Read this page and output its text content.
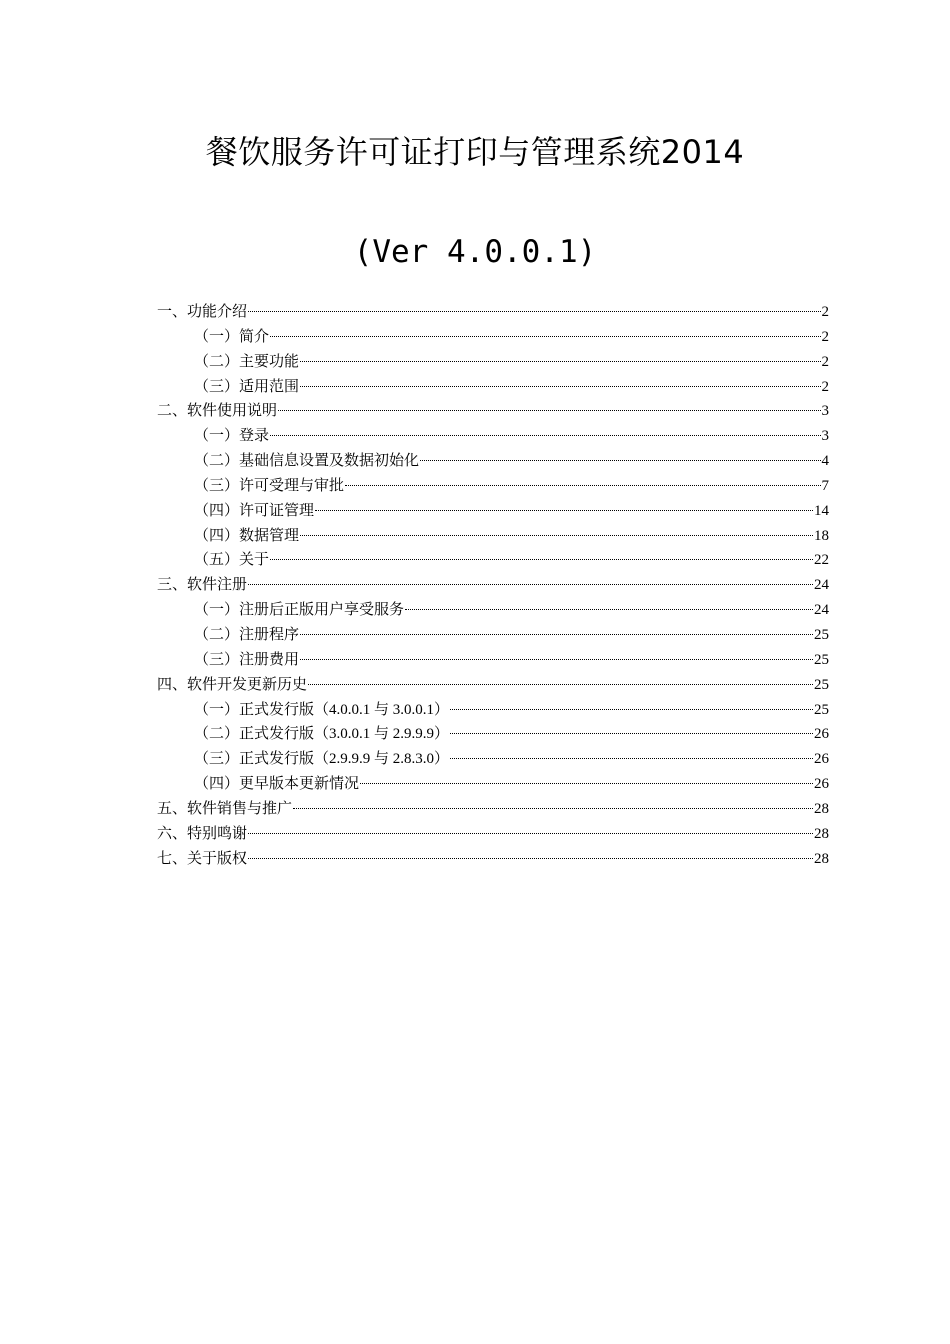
餐饮服务许可证打印与管理系统2014
(Ver 4.0.0.1)
一、功能介绍	2
（一）简介	2
（二）主要功能	2
（三）适用范围	2
二、软件使用说明	3
（一）登录	3
（二）基础信息设置及数据初始化	4
（三）许可受理与审批	7
（四）许可证管理	14
（四）数据管理	18
（五）关于	22
三、软件注册	24
（一）注册后正版用户享受服务	24
（二）注册程序	25
（三）注册费用	25
四、软件开发更新历史	25
（一）正式发行版（4.0.0.1 与 3.0.0.1）	25
（二）正式发行版（3.0.0.1 与 2.9.9.9）	26
（三）正式发行版（2.9.9.9 与 2.8.3.0）	26
（四）更早版本更新情况	26
五、软件销售与推广	28
六、特别鸣谢	28
七、关于版权	28
